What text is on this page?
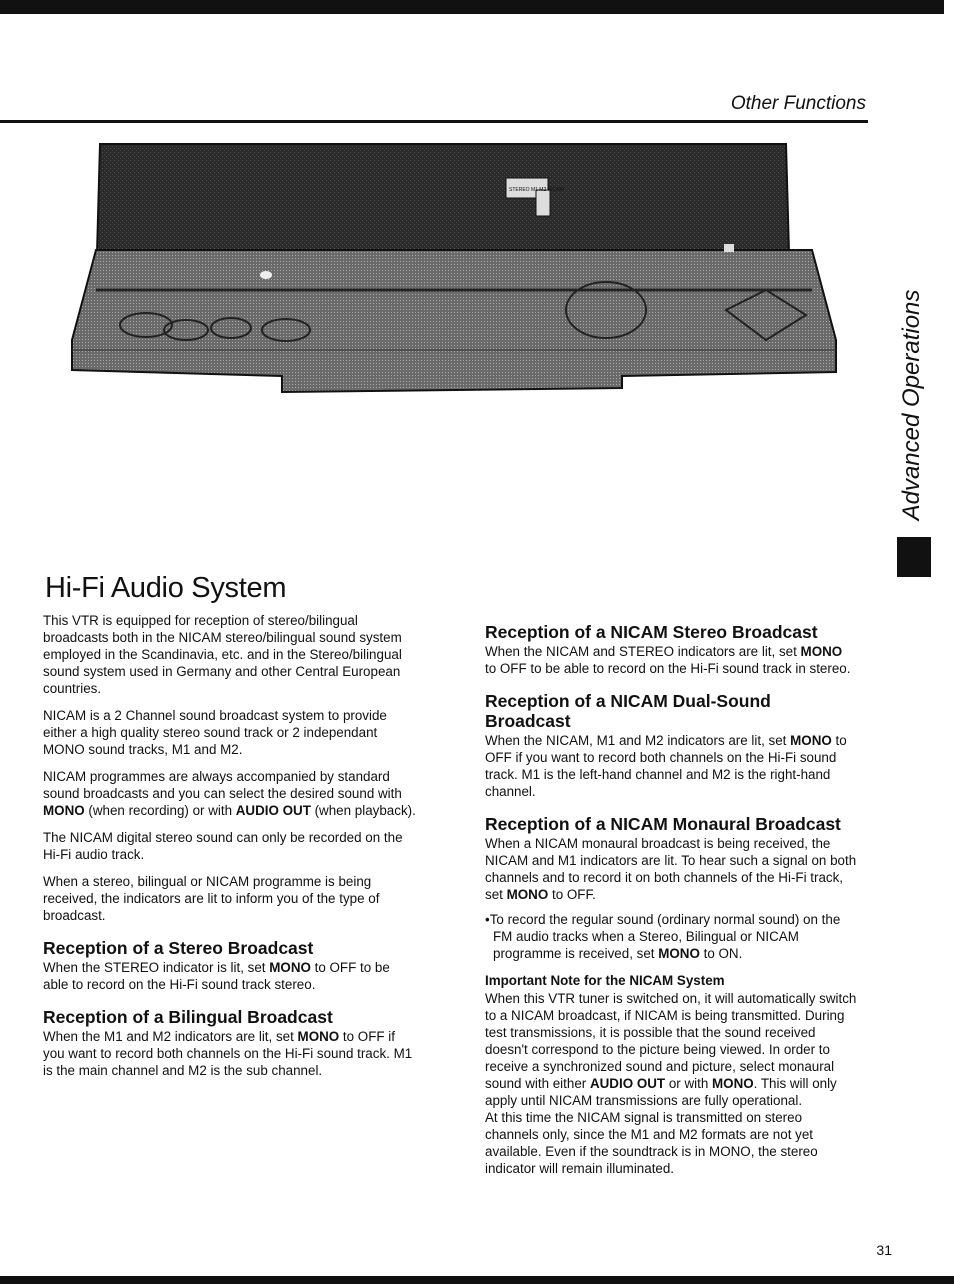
Other Functions
STEREO M1 M2 NICAM
Advanced Operations
Hi-Fi Audio System

This VTR is equipped for reception of stereo/bilingual broadcasts both in the NICAM stereo/bilingual sound system employed in the Scandinavia, etc. and in the Stereo/bilingual sound system used in Germany and other Central European countries.

NICAM is a 2 Channel sound broadcast system to provide either a high quality stereo sound track or 2 independant MONO sound tracks, M1 and M2.

NICAM programmes are always accompanied by standard sound broadcasts and you can select the desired sound with MONO (when recording) or with AUDIO OUT (when playback).

The NICAM digital stereo sound can only be recorded on the Hi-Fi audio track.

When a stereo, bilingual or NICAM programme is being received, the indicators are lit to inform you of the type of broadcast.

Reception of a Stereo Broadcast

When the STEREO indicator is lit, set MONO to OFF to be able to record on the Hi-Fi sound track stereo.

Reception of a Bilingual Broadcast

When the M1 and M2 indicators are lit, set MONO to OFF if you want to record both channels on the Hi-Fi sound track. M1 is the main channel and M2 is the sub channel.

Reception of a NICAM Stereo Broadcast

When the NICAM and STEREO indicators are lit, set MONO to OFF to be able to record on the Hi-Fi sound track in stereo.

Reception of a NICAM Dual-Sound Broadcast

When the NICAM, M1 and M2 indicators are lit, set MONO to OFF if you want to record both channels on the Hi-Fi sound track. M1 is the left-hand channel and M2 is the right-hand channel.

Reception of a NICAM Monaural Broadcast

When a NICAM monaural broadcast is being received, the NICAM and M1 indicators are lit. To hear such a signal on both channels and to record it on both channels of the Hi-Fi track, set MONO to OFF.

•To record the regular sound (ordinary normal sound) on the FM audio tracks when a Stereo, Bilingual or NICAM programme is received, set MONO to ON.

Important Note for the NICAM System

When this VTR tuner is switched on, it will automatically switch to a NICAM broadcast, if NICAM is being transmitted. During test transmissions, it is possible that the sound received doesn't correspond to the picture being viewed. In order to receive a synchronized sound and picture, select monaural sound with either AUDIO OUT or with MONO. This will only apply until NICAM transmissions are fully operational.

At this time the NICAM signal is transmitted on stereo channels only, since the M1 and M2 formats are not yet available. Even if the soundtrack is in MONO, the stereo indicator will remain illuminated.

31
